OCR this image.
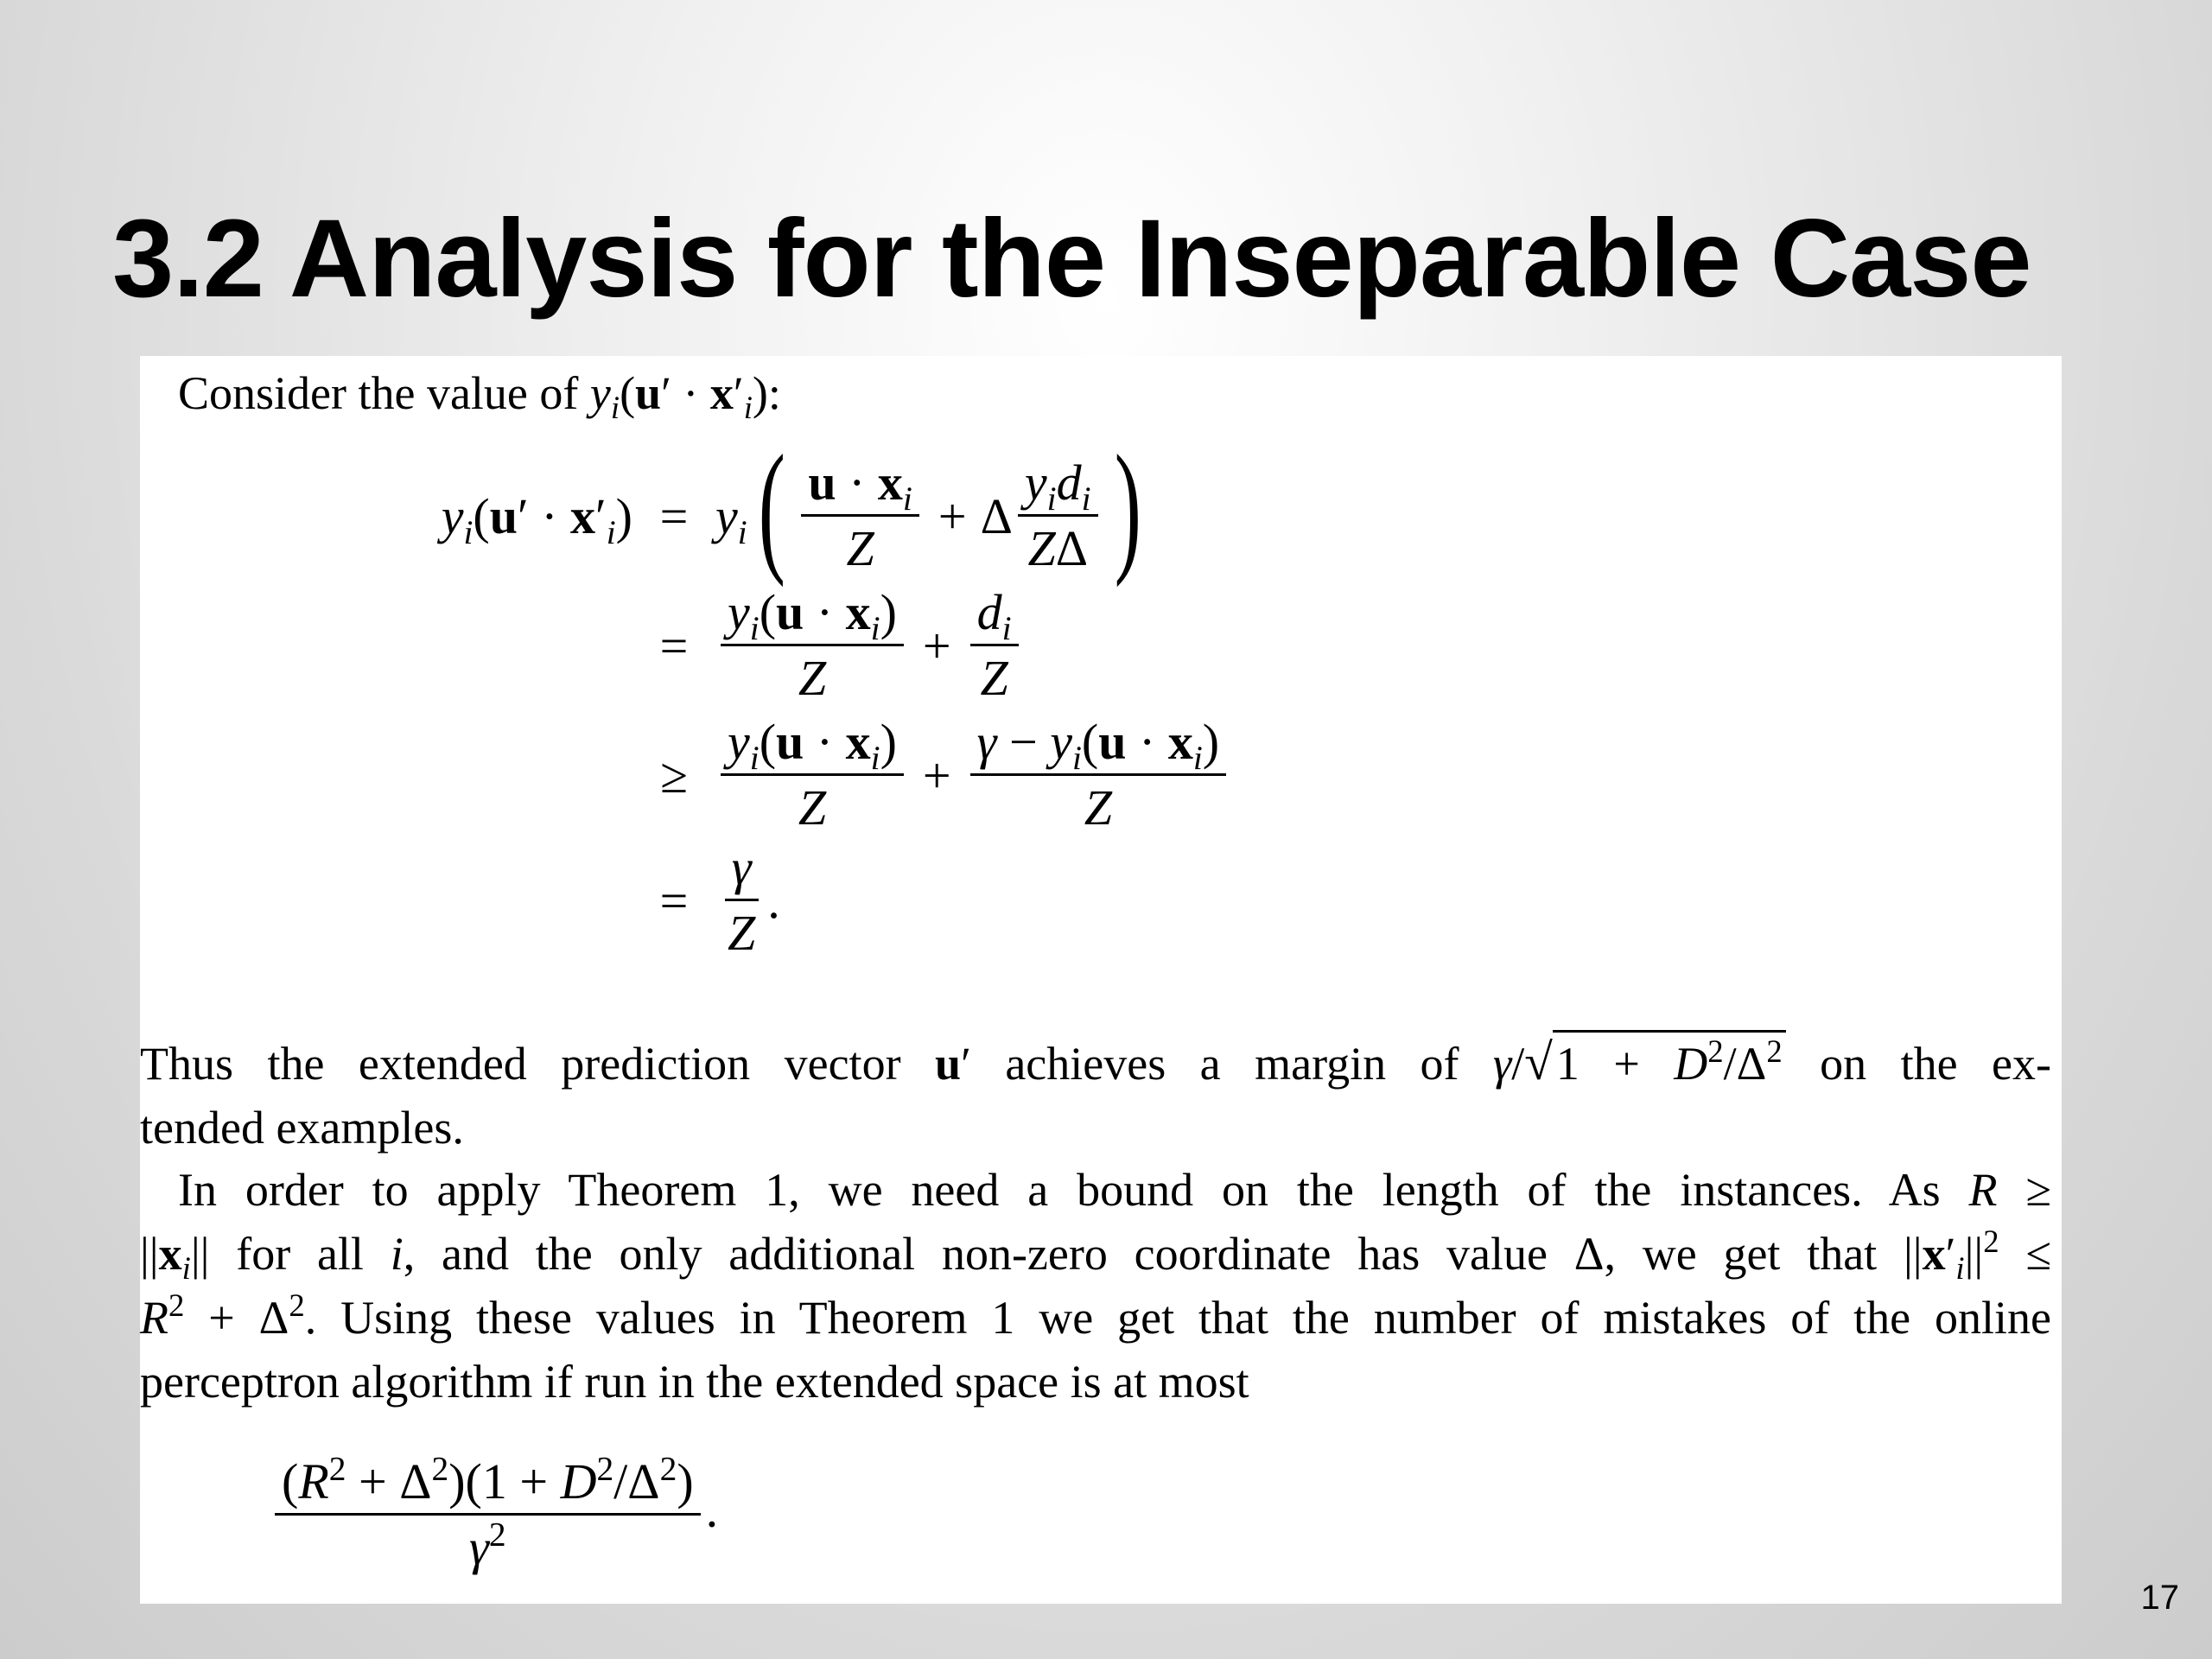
3.2 Analysis for the Inseparable Case
Consider the value of $y_i(u' \cdot x'_i)$:
$y_i(u' \cdot x'_i) = y_i$ ( $\frac{u \cdot x_i}{Z} + \Delta \frac{y_id_i}{Z\Delta}$ )
= $\frac{y_i(u \cdot x_i)}{Z} + \frac{d_i}{Z}$
≥ $\frac{y_i(u \cdot x_i)}{Z} + \frac{\gamma - y_i(u \cdot x_i)}{Z}$
= $\frac{\gamma}{Z}$ .
Thus the extended prediction vector u′ achieves a margin of $\gamma/√1 + D^2/\Delta^2$ on the ex-
tended examples.
In order to apply Theorem 1, we need a bound on the length of the instances. As R ≥
$||x_i||$ for all i, and the only additional non-zero coordinate has value Δ, we get that $||x'_i||^2$ ≤
$R^2 + \Delta^2$. Using these values in Theorem 1 we get that the number of mistakes of the online
perceptron algorithm if run in the extended space is at most
$\frac{(R^2 + \Delta^2)(1 + D^2/\Delta^2)}{\gamma^2}$ .
17
